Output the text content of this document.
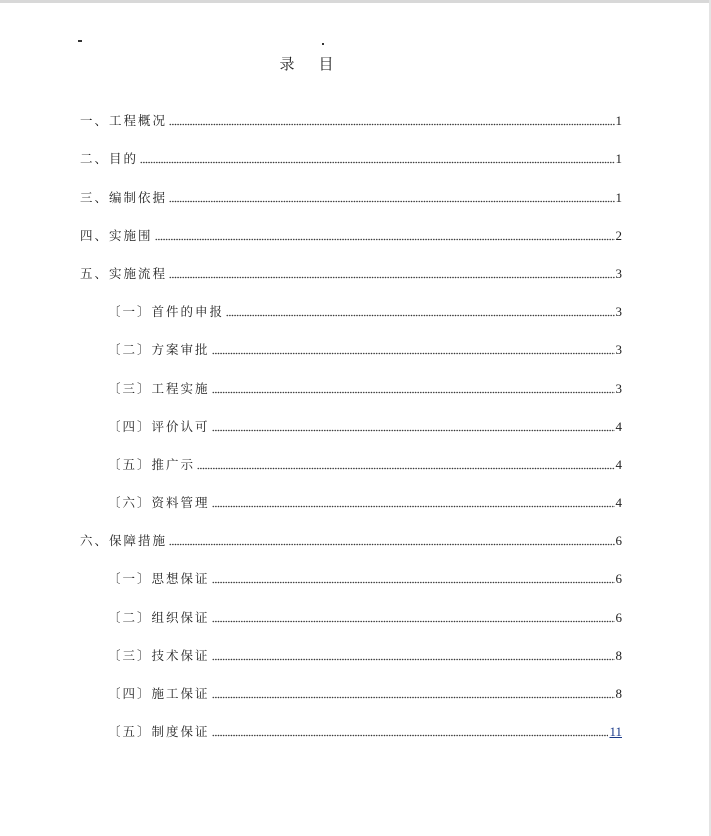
目录
一、工程概况	1
二、目的	1
三、编制依据	1
四、实施围	2
五、实施流程	3
〔一〕首件的申报	3
〔二〕方案审批	3
〔三〕工程实施	3
〔四〕评价认可	4
〔五〕推广示	4
〔六〕资料管理	4
六、保障措施	6
〔一〕思想保证	6
〔二〕组织保证	6
〔三〕技术保证	8
〔四〕施工保证	8
〔五〕制度保证	11
